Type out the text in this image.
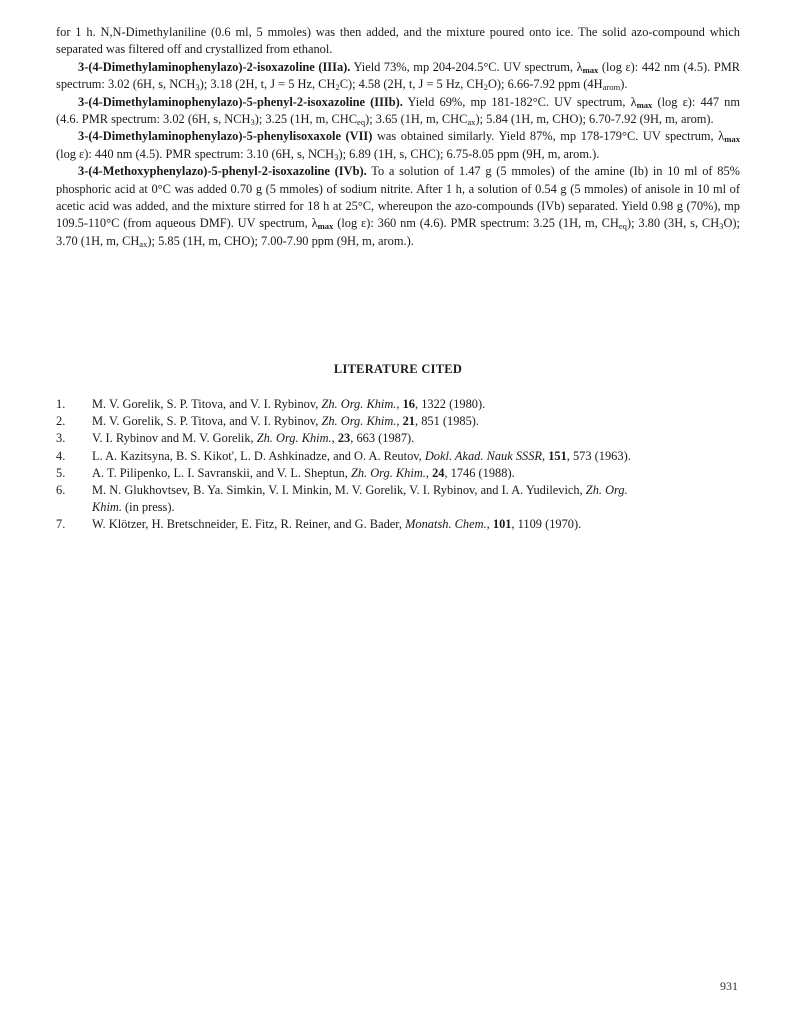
for 1 h. N,N-Dimethylaniline (0.6 ml, 5 mmoles) was then added, and the mixture poured onto ice. The solid azo-compound which separated was filtered off and crystallized from ethanol.

3-(4-Dimethylaminophenylazo)-2-isoxazoline (IIIa). Yield 73%, mp 204-204.5°C. UV spectrum, $\lambda_{max}$ (log ε): 442 nm (4.5). PMR spectrum: 3.02 (6H, s, $NCH_3$); 3.18 (2H, t, J = 5 Hz, $CH_2C$); 4.58 (2H, t, J = 5 Hz, $CH_2O$); 6.66-7.92 ppm $(4H_{arom})$.

3-(4-Dimethylaminophenylazo)-5-phenyl-2-isoxazoline (IIIb). Yield 69%, mp 181-182°C. UV spectrum, $\lambda_{max}$ (log ε): 447 nm (4.6. PMR spectrum: 3.02 (6H, s, $NCH_3$); 3.25 (1H, m, $CHC_{eq}$); 3.65 (1H, m, $CHC_{ax}$); 5.84 (1H, m, CHO); 6.70-7.92 (9H, m, arom).

3-(4-Dimethylaminophenylazo)-5-phenylisoxaxole (VII) was obtained similarly. Yield 87%, mp 178-179°C. UV spectrum, $\lambda_{max}$ (log ε): 440 nm (4.5). PMR spectrum: 3.10 (6H, s, $NCH_3$); 6.89 (1H, s, CHC); 6.75-8.05 ppm (9H, m, arom.).

3-(4-Methoxyphenylazo)-5-phenyl-2-isoxazoline (IVb). To a solution of 1.47 g (5 mmoles) of the amine (Ib) in 10 ml of 85% phosphoric acid at 0°C was added 0.70 g (5 mmoles) of sodium nitrite. After 1 h, a solution of 0.54 g (5 mmoles) of anisole in 10 ml of acetic acid was added, and the mixture stirred for 18 h at 25°C, whereupon the azo-compounds (IVb) separated. Yield 0.98 g (70%), mp 109.5-110°C (from aqueous DMF). UV spectrum, $\lambda_{max}$ (log ε): 360 nm (4.6). PMR spectrum: 3.25 (1H, m, $CH_{eq}$); 3.80 (3H, s, $CH_3O$); 3.70 (1H, m, $CH_{ax}$); 5.85 (1H, m, CHO); 7.00-7.90 ppm (9H, m, arom.).

LITERATURE CITED
1.	M. V. Gorelik, S. P. Titova, and V. I. Rybinov, Zh. Org. Khim., 16, 1322 (1980).
2.	M. V. Gorelik, S. P. Titova, and V. I. Rybinov, Zh. Org. Khim., 21, 851 (1985).
3.	V. I. Rybinov and M. V. Gorelik, Zh. Org. Khim., 23, 663 (1987).
4.	L. A. Kazitsyna, B. S. Kikot', L. D. Ashkinadze, and O. A. Reutov, Dokl. Akad. Nauk SSSR, 151, 573 (1963).
5.	A. T. Pilipenko, L. I. Savranskii, and V. L. Sheptun, Zh. Org. Khim., 24, 1746 (1988).
6.	M. N. Glukhovtsev, B. Ya. Simkin, V. I. Minkin, M. V. Gorelik, V. I. Rybinov, and I. A. Yudilevich, Zh. Org.
Khim. (in press).
7.	W. Klötzer, H. Bretschneider, E. Fitz, R. Reiner, and G. Bader, Monatsh. Chem., 101, 1109 (1970).
931
